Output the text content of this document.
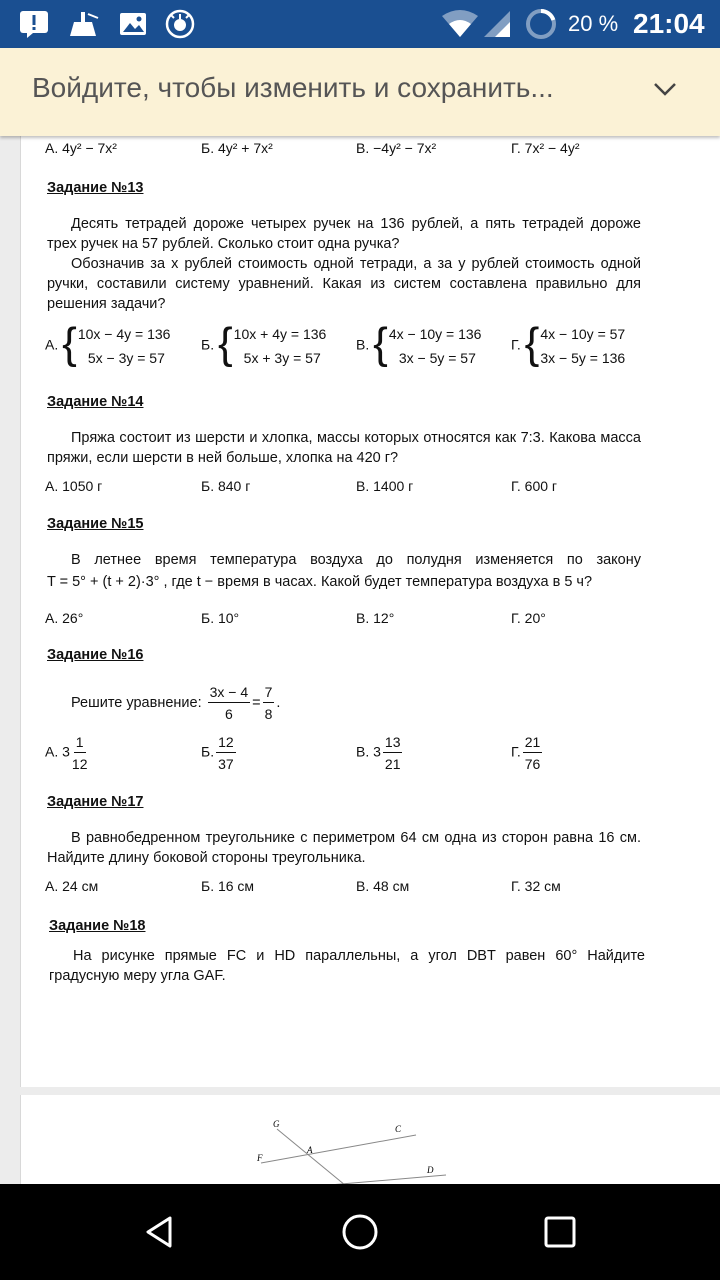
20 % 21:04
Войдите, чтобы изменить и сохранить...
А. 4y² − 7x²	Б. 4y² + 7x²	В. −4y² − 7x²	Г. 7x² − 4y²
Задание №13
Десять тетрадей дороже четырех ручек на 136 рублей, а пять тетрадей дороже трех ручек на 57 рублей. Сколько стоит одна ручка?
Обозначив за x рублей стоимость одной тетради, а за y рублей стоимость одной ручки, составили систему уравнений. Какая из систем составлена правильно для решения задачи?
А. { 10x − 4y = 136
5x − 3y = 57
Б. { 10x + 4y = 136
5x + 3y = 57
В. { 4x − 10y = 136
3x − 5y = 57
Г. { 4x − 10y = 57
3x − 5y = 136
Задание №14
Пряжа состоит из шерсти и хлопка, массы которых относятся как 7:3. Какова масса пряжи, если шерсти в ней больше, хлопка на 420 г?
А. 1050 г	Б. 840 г	В. 1400 г	Г. 600 г
Задание №15
В летнее время температура воздуха до полудня изменяется по закону
T = 5° + (t + 2)·3° , где t − время в часах. Какой будет температура воздуха в 5 ч?
А. 26°	Б. 10°	В. 12°	Г. 20°
Задание №16
Решите уравнение: $\frac{3x - 4}{6} = \frac{7}{8}$ .
А. $3 \frac{1}{12}$	Б. $\frac{12}{37}$	В. $3 \frac{13}{21}$	Г. $\frac{21}{76}$
Задание №17
В равнобедренном треугольнике с периметром 64 см одна из сторон равна 16 см. Найдите длину боковой стороны треугольника.
А. 24 см	Б. 16 см	В. 48 см	Г. 32 см
Задание №18
На рисунке прямые FC и HD параллельны, а угол DBT равен 60° Найдите градусную меру угла GAF.
G	C
A
F
D
